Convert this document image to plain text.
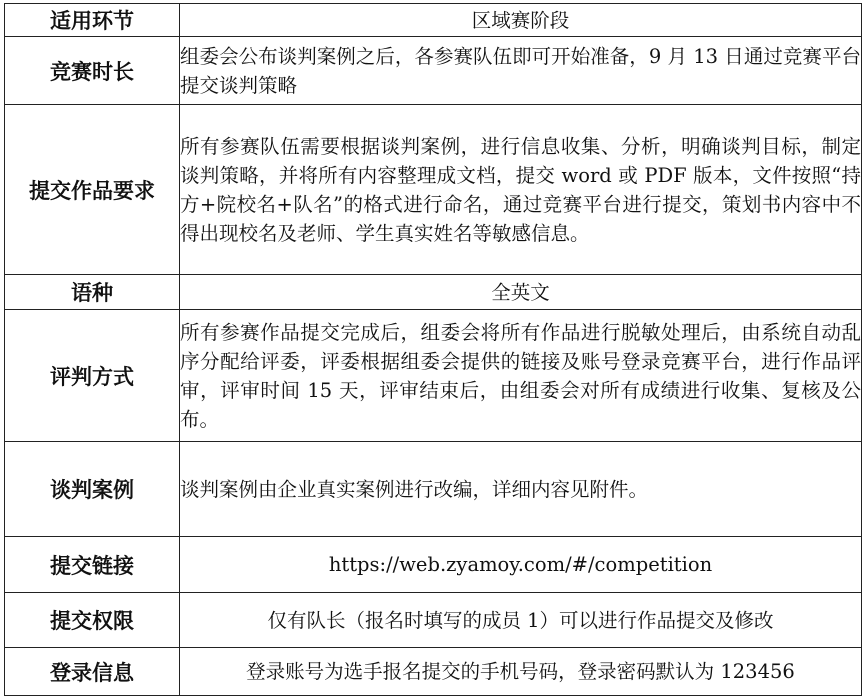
适用环节	区域赛阶段
竞赛时长	组委会公布谈判案例之后，各参赛队伍即可开始准备，9 月 13 日通过竞赛平台提交谈判策略
提交作品要求	所有参赛队伍需要根据谈判案例，进行信息收集、分析，明确谈判目标，制定谈判策略，并将所有内容整理成文档，提交 word 或 PDF 版本，文件按照“持方+院校名+队名”的格式进行命名，通过竞赛平台进行提交，策划书内容中不得出现校名及老师、学生真实姓名等敏感信息。
语种	全英文
评判方式	所有参赛作品提交完成后，组委会将所有作品进行脱敏处理后，由系统自动乱序分配给评委，评委根据组委会提供的链接及账号登录竞赛平台，进行作品评审，评审时间 15 天，评审结束后，由组委会对所有成绩进行收集、复核及公布。
谈判案例	谈判案例由企业真实案例进行改编，详细内容见附件。
提交链接	https://web.zyamoy.com/#/competition
提交权限	仅有队长（报名时填写的成员 1）可以进行作品提交及修改
登录信息	登录账号为选手报名提交的手机号码，登录密码默认为 123456
